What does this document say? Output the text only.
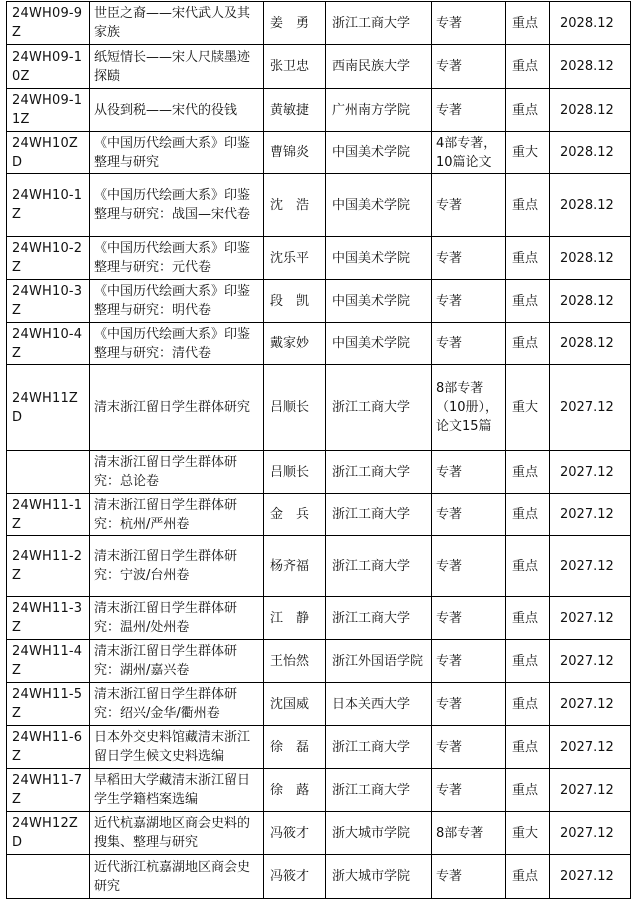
24WH09-9Z	世臣之裔——宋代武人及其家族	姜　勇	浙江工商大学	专著	重点	2028.12
24WH09-10Z	纸短情长——宋人尺牍墨迹探赜	张卫忠	西南民族大学	专著	重点	2028.12
24WH09-11Z	从役到税——宋代的役钱	黄敏捷	广州南方学院	专著	重点	2028.12
24WH10ZD	《中国历代绘画大系》印鉴整理与研究	曹锦炎	中国美术学院	4部专著，10篇论文	重大	2028.12
24WH10-1Z	《中国历代绘画大系》印鉴整理与研究：战国—宋代卷	沈　浩	中国美术学院	专著	重点	2028.12
24WH10-2Z	《中国历代绘画大系》印鉴整理与研究：元代卷	沈乐平	中国美术学院	专著	重点	2028.12
24WH10-3Z	《中国历代绘画大系》印鉴整理与研究：明代卷	段　凯	中国美术学院	专著	重点	2028.12
24WH10-4Z	《中国历代绘画大系》印鉴整理与研究：清代卷	戴家妙	中国美术学院	专著	重点	2028.12
24WH11ZD	清末浙江留日学生群体研究	吕顺长	浙江工商大学	8部专著（10册），论文15篇	重大	2027.12
	清末浙江留日学生群体研究：总论卷	吕顺长	浙江工商大学	专著	重点	2027.12
24WH11-1Z	清末浙江留日学生群体研究：杭州/严州卷	金　兵	浙江工商大学	专著	重点	2027.12
24WH11-2Z	清末浙江留日学生群体研究：宁波/台州卷	杨齐福	浙江工商大学	专著	重点	2027.12
24WH11-3Z	清末浙江留日学生群体研究：温州/处州卷	江　静	浙江工商大学	专著	重点	2027.12
24WH11-4Z	清末浙江留日学生群体研究：湖州/嘉兴卷	王怡然	浙江外国语学院	专著	重点	2027.12
24WH11-5Z	清末浙江留日学生群体研究：绍兴/金华/衢州卷	沈国威	日本关西大学	专著	重点	2027.12
24WH11-6Z	日本外交史料馆藏清末浙江留日学生候文史料选编	徐　磊	浙江工商大学	专著	重点	2027.12
24WH11-7Z	早稻田大学藏清末浙江留日学生学籍档案选编	徐　蕗	浙江工商大学	专著	重点	2027.12
24WH12ZD	近代杭嘉湖地区商会史料的搜集、整理与研究	冯筱才	浙大城市学院	8部专著	重大	2027.12
	近代浙江杭嘉湖地区商会史研究	冯筱才	浙大城市学院	专著	重点	2027.12
